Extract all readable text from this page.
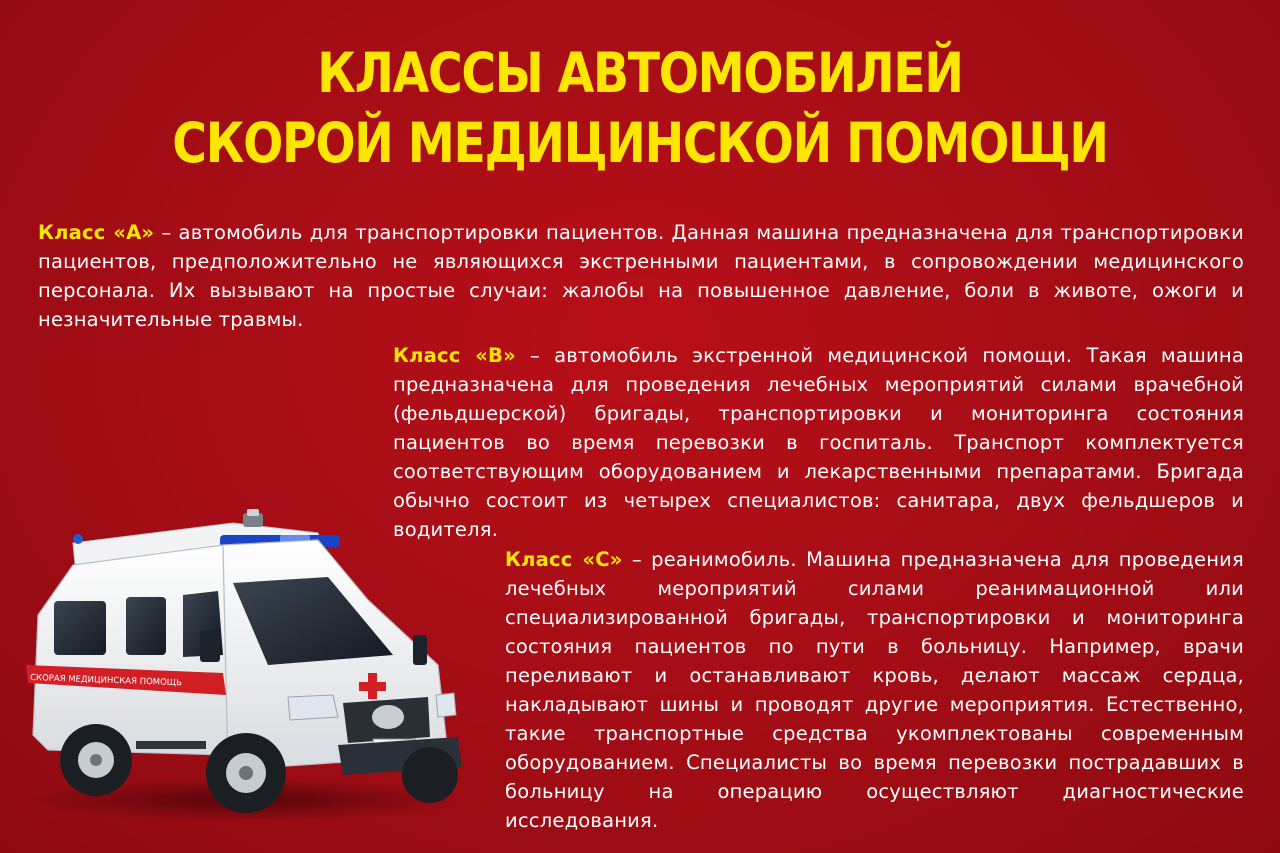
КЛАССЫ АВТОМОБИЛЕЙ
СКОРОЙ МЕДИЦИНСКОЙ ПОМОЩИ

Класс «А» – автомобиль для транспортировки пациентов. Данная машина предназначена для транспортировки пациентов, предположительно не являющихся экстренными пациентами, в сопровождении медицинского персонала. Их вызывают на простые случаи: жалобы на повышенное давление, боли в животе, ожоги и незначительные травмы.

Класс «В» – автомобиль экстренной медицинской помощи. Такая машина предназначена для проведения лечебных мероприятий силами врачебной (фельдшерской) бригады, транспортировки и мониторинга состояния пациентов во время перевозки в госпиталь. Транспорт комплектуется соответствующим оборудованием и лекарственными препаратами. Бригада обычно состоит из четырех специалистов: санитара, двух фельдшеров и водителя.

Класс «С» – реанимобиль. Машина предназначена для проведения лечебных мероприятий силами реанимационной или специализированной бригады, транспортировки и мониторинга состояния пациентов по пути в больницу. Например, врачи переливают и останавливают кровь, делают массаж сердца, накладывают шины и проводят другие мероприятия. Естественно, такие транспортные средства укомплектованы современным оборудованием. Специалисты во время перевозки пострадавших в больницу на операцию осуществляют диагностические исследования.

СКОРАЯ МЕДИЦИНСКАЯ ПОМОЩЬ
